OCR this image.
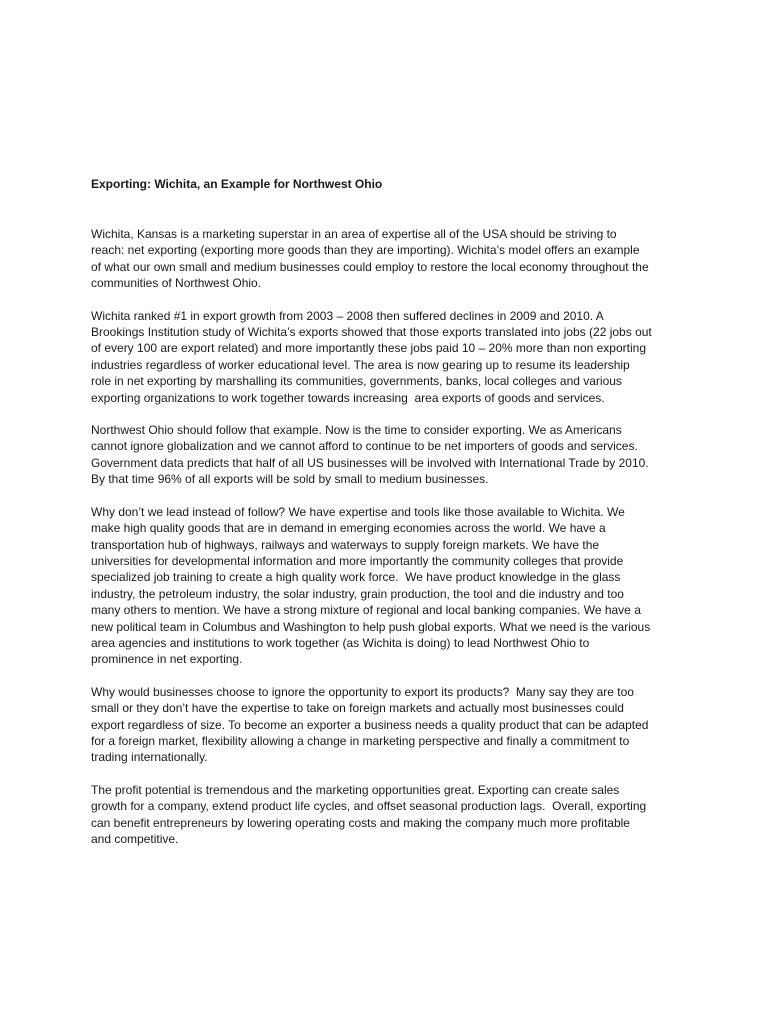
Exporting: Wichita, an Example for Northwest Ohio

Wichita, Kansas is a marketing superstar in an area of expertise all of the USA should be striving to
reach: net exporting (exporting more goods than they are importing). Wichita’s model offers an example
of what our own small and medium businesses could employ to restore the local economy throughout the
communities of Northwest Ohio.

Wichita ranked #1 in export growth from 2003 – 2008 then suffered declines in 2009 and 2010. A
Brookings Institution study of Wichita’s exports showed that those exports translated into jobs (22 jobs out
of every 100 are export related) and more importantly these jobs paid 10 – 20% more than non exporting
industries regardless of worker educational level. The area is now gearing up to resume its leadership
role in net exporting by marshalling its communities, governments, banks, local colleges and various
exporting organizations to work together towards increasing  area exports of goods and services.

Northwest Ohio should follow that example. Now is the time to consider exporting. We as Americans
cannot ignore globalization and we cannot afford to continue to be net importers of goods and services.
Government data predicts that half of all US businesses will be involved with International Trade by 2010.
By that time 96% of all exports will be sold by small to medium businesses.

Why don’t we lead instead of follow? We have expertise and tools like those available to Wichita. We
make high quality goods that are in demand in emerging economies across the world. We have a
transportation hub of highways, railways and waterways to supply foreign markets. We have the
universities for developmental information and more importantly the community colleges that provide
specialized job training to create a high quality work force.  We have product knowledge in the glass
industry, the petroleum industry, the solar industry, grain production, the tool and die industry and too
many others to mention. We have a strong mixture of regional and local banking companies. We have a
new political team in Columbus and Washington to help push global exports. What we need is the various
area agencies and institutions to work together (as Wichita is doing) to lead Northwest Ohio to
prominence in net exporting.

Why would businesses choose to ignore the opportunity to export its products?  Many say they are too
small or they don’t have the expertise to take on foreign markets and actually most businesses could
export regardless of size. To become an exporter a business needs a quality product that can be adapted
for a foreign market, flexibility allowing a change in marketing perspective and finally a commitment to
trading internationally.

The profit potential is tremendous and the marketing opportunities great. Exporting can create sales
growth for a company, extend product life cycles, and offset seasonal production lags.  Overall, exporting
can benefit entrepreneurs by lowering operating costs and making the company much more profitable
and competitive.
